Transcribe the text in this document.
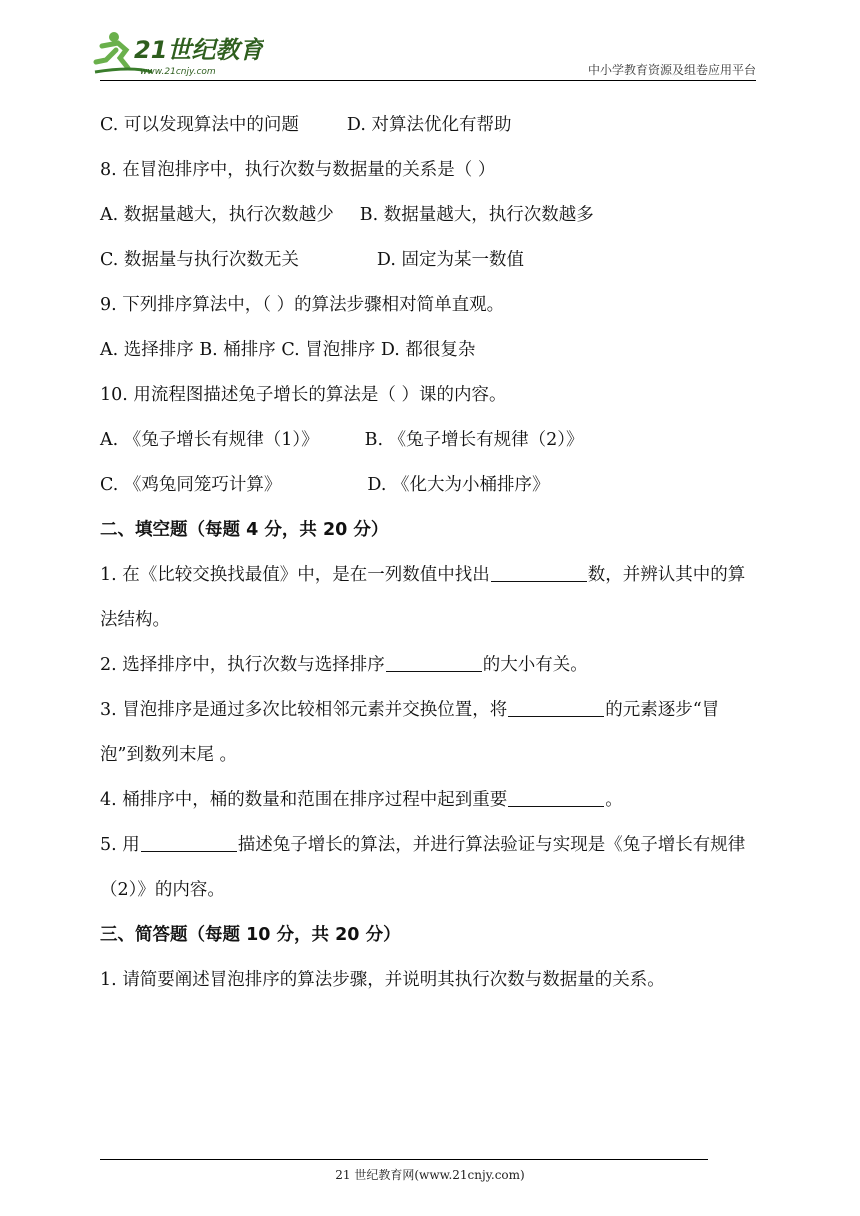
21世纪教育
www.21cnjy.com	中小学教育资源及组卷应用平台
C. 可以发现算法中的问题	D. 对算法优化有帮助
8. 在冒泡排序中，执行次数与数据量的关系是（ ）
A. 数据量越大，执行次数越少 B. 数据量越大，执行次数越多
C. 数据量与执行次数无关	D. 固定为某一数值
9. 下列排序算法中，（ ）的算法步骤相对简单直观。
A. 选择排序 B. 桶排序 C. 冒泡排序 D. 都很复杂
10. 用流程图描述兔子增长的算法是（ ）课的内容。
A. 《兔子增长有规律（1）》	B. 《兔子增长有规律（2）》
C. 《鸡兔同笼巧计算》	D. 《化大为小桶排序》
二、填空题（每题 4 分，共 20 分）
1. 在《比较交换找最值》中，是在一列数值中找出	数，并辨认其中的算法结构。
2. 选择排序中，执行次数与选择排序	的大小有关。
3. 冒泡排序是通过多次比较相邻元素并交换位置，将	的元素逐步“冒泡”到数列末尾 。
4. 桶排序中，桶的数量和范围在排序过程中起到重要	。
5. 用	描述兔子增长的算法，并进行算法验证与实现是《兔子增长有规律（2）》的内容。
三、简答题（每题 10 分，共 20 分）
1. 请简要阐述冒泡排序的算法步骤，并说明其执行次数与数据量的关系。
21 世纪教育网(www.21cnjy.com)
